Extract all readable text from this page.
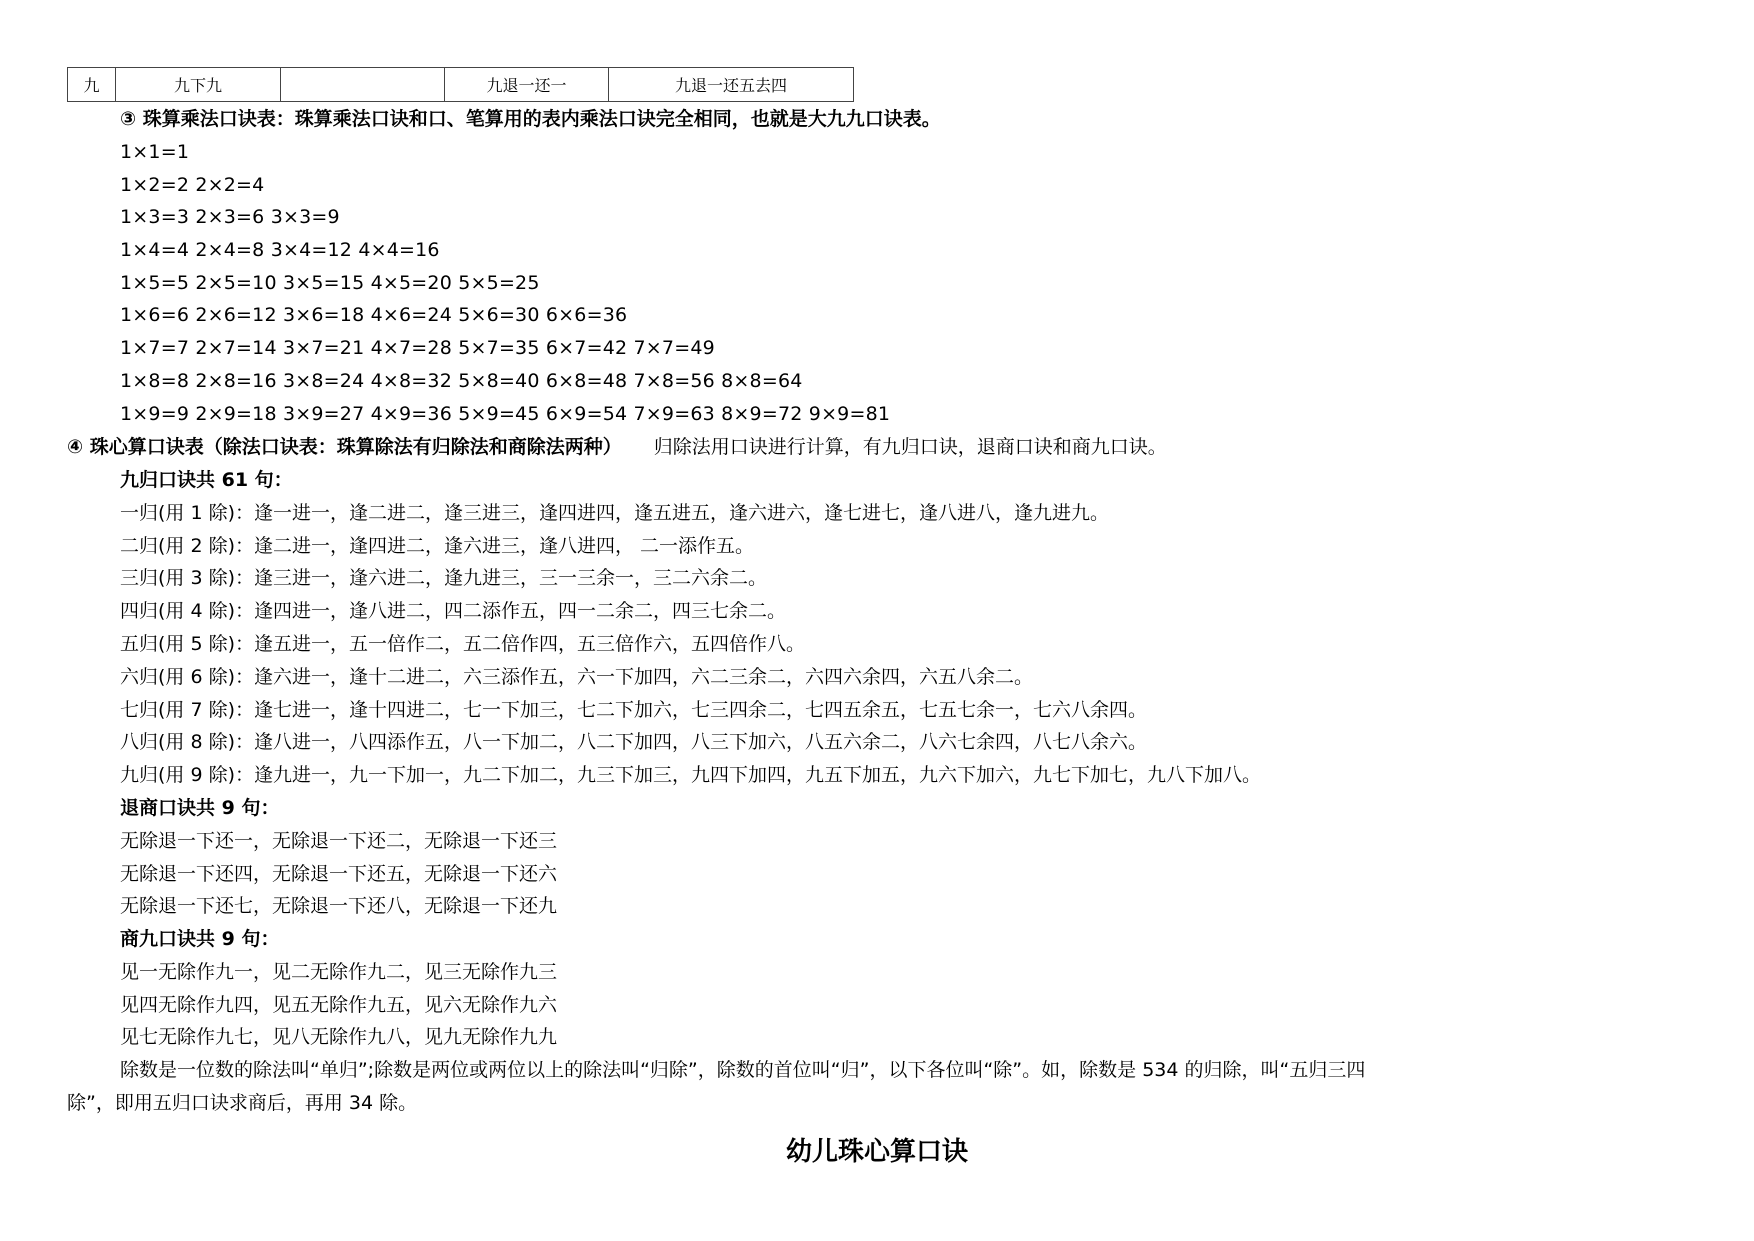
九	九下九		九退一还一	九退一还五去四
③ 珠算乘法口诀表：珠算乘法口诀和口、笔算用的表内乘法口诀完全相同，也就是大九九口诀表。
1×1=1
1×2=2 2×2=4
1×3=3 2×3=6 3×3=9
1×4=4 2×4=8 3×4=12 4×4=16
1×5=5 2×5=10 3×5=15 4×5=20 5×5=25
1×6=6 2×6=12 3×6=18 4×6=24 5×6=30 6×6=36
1×7=7 2×7=14 3×7=21 4×7=28 5×7=35 6×7=42 7×7=49
1×8=8 2×8=16 3×8=24 4×8=32 5×8=40 6×8=48 7×8=56 8×8=64
1×9=9 2×9=18 3×9=27 4×9=36 5×9=45 6×9=54 7×9=63 8×9=72 9×9=81
④ 珠心算口诀表（除法口诀表：珠算除法有归除法和商除法两种） 归除法用口诀进行计算，有九归口诀，退商口诀和商九口诀。
九归口诀共 61 句：
一归(用 1 除)：逢一进一，逢二进二，逢三进三，逢四进四，逢五进五，逢六进六，逢七进七，逢八进八，逢九进九。
二归(用 2 除)：逢二进一，逢四进二，逢六进三，逢八进四， 二一添作五。
三归(用 3 除)：逢三进一，逢六进二，逢九进三，三一三余一，三二六余二。
四归(用 4 除)：逢四进一，逢八进二，四二添作五，四一二余二，四三七余二。
五归(用 5 除)：逢五进一，五一倍作二，五二倍作四，五三倍作六，五四倍作八。
六归(用 6 除)：逢六进一，逢十二进二，六三添作五，六一下加四，六二三余二，六四六余四，六五八余二。
七归(用 7 除)：逢七进一，逢十四进二，七一下加三，七二下加六，七三四余二，七四五余五，七五七余一，七六八余四。
八归(用 8 除)：逢八进一，八四添作五，八一下加二，八二下加四，八三下加六，八五六余二，八六七余四，八七八余六。
九归(用 9 除)：逢九进一，九一下加一，九二下加二，九三下加三，九四下加四，九五下加五，九六下加六，九七下加七，九八下加八。
退商口诀共 9 句：
无除退一下还一，无除退一下还二，无除退一下还三
无除退一下还四，无除退一下还五，无除退一下还六
无除退一下还七，无除退一下还八，无除退一下还九
商九口诀共 9 句：
见一无除作九一，见二无除作九二，见三无除作九三
见四无除作九四，见五无除作九五，见六无除作九六
见七无除作九七，见八无除作九八，见九无除作九九
除数是一位数的除法叫“单归”;除数是两位或两位以上的除法叫“归除”，除数的首位叫“归”，以下各位叫“除”。如，除数是 534 的归除，叫“五归三四
除”，即用五归口诀求商后，再用 34 除。
幼儿珠心算口诀
